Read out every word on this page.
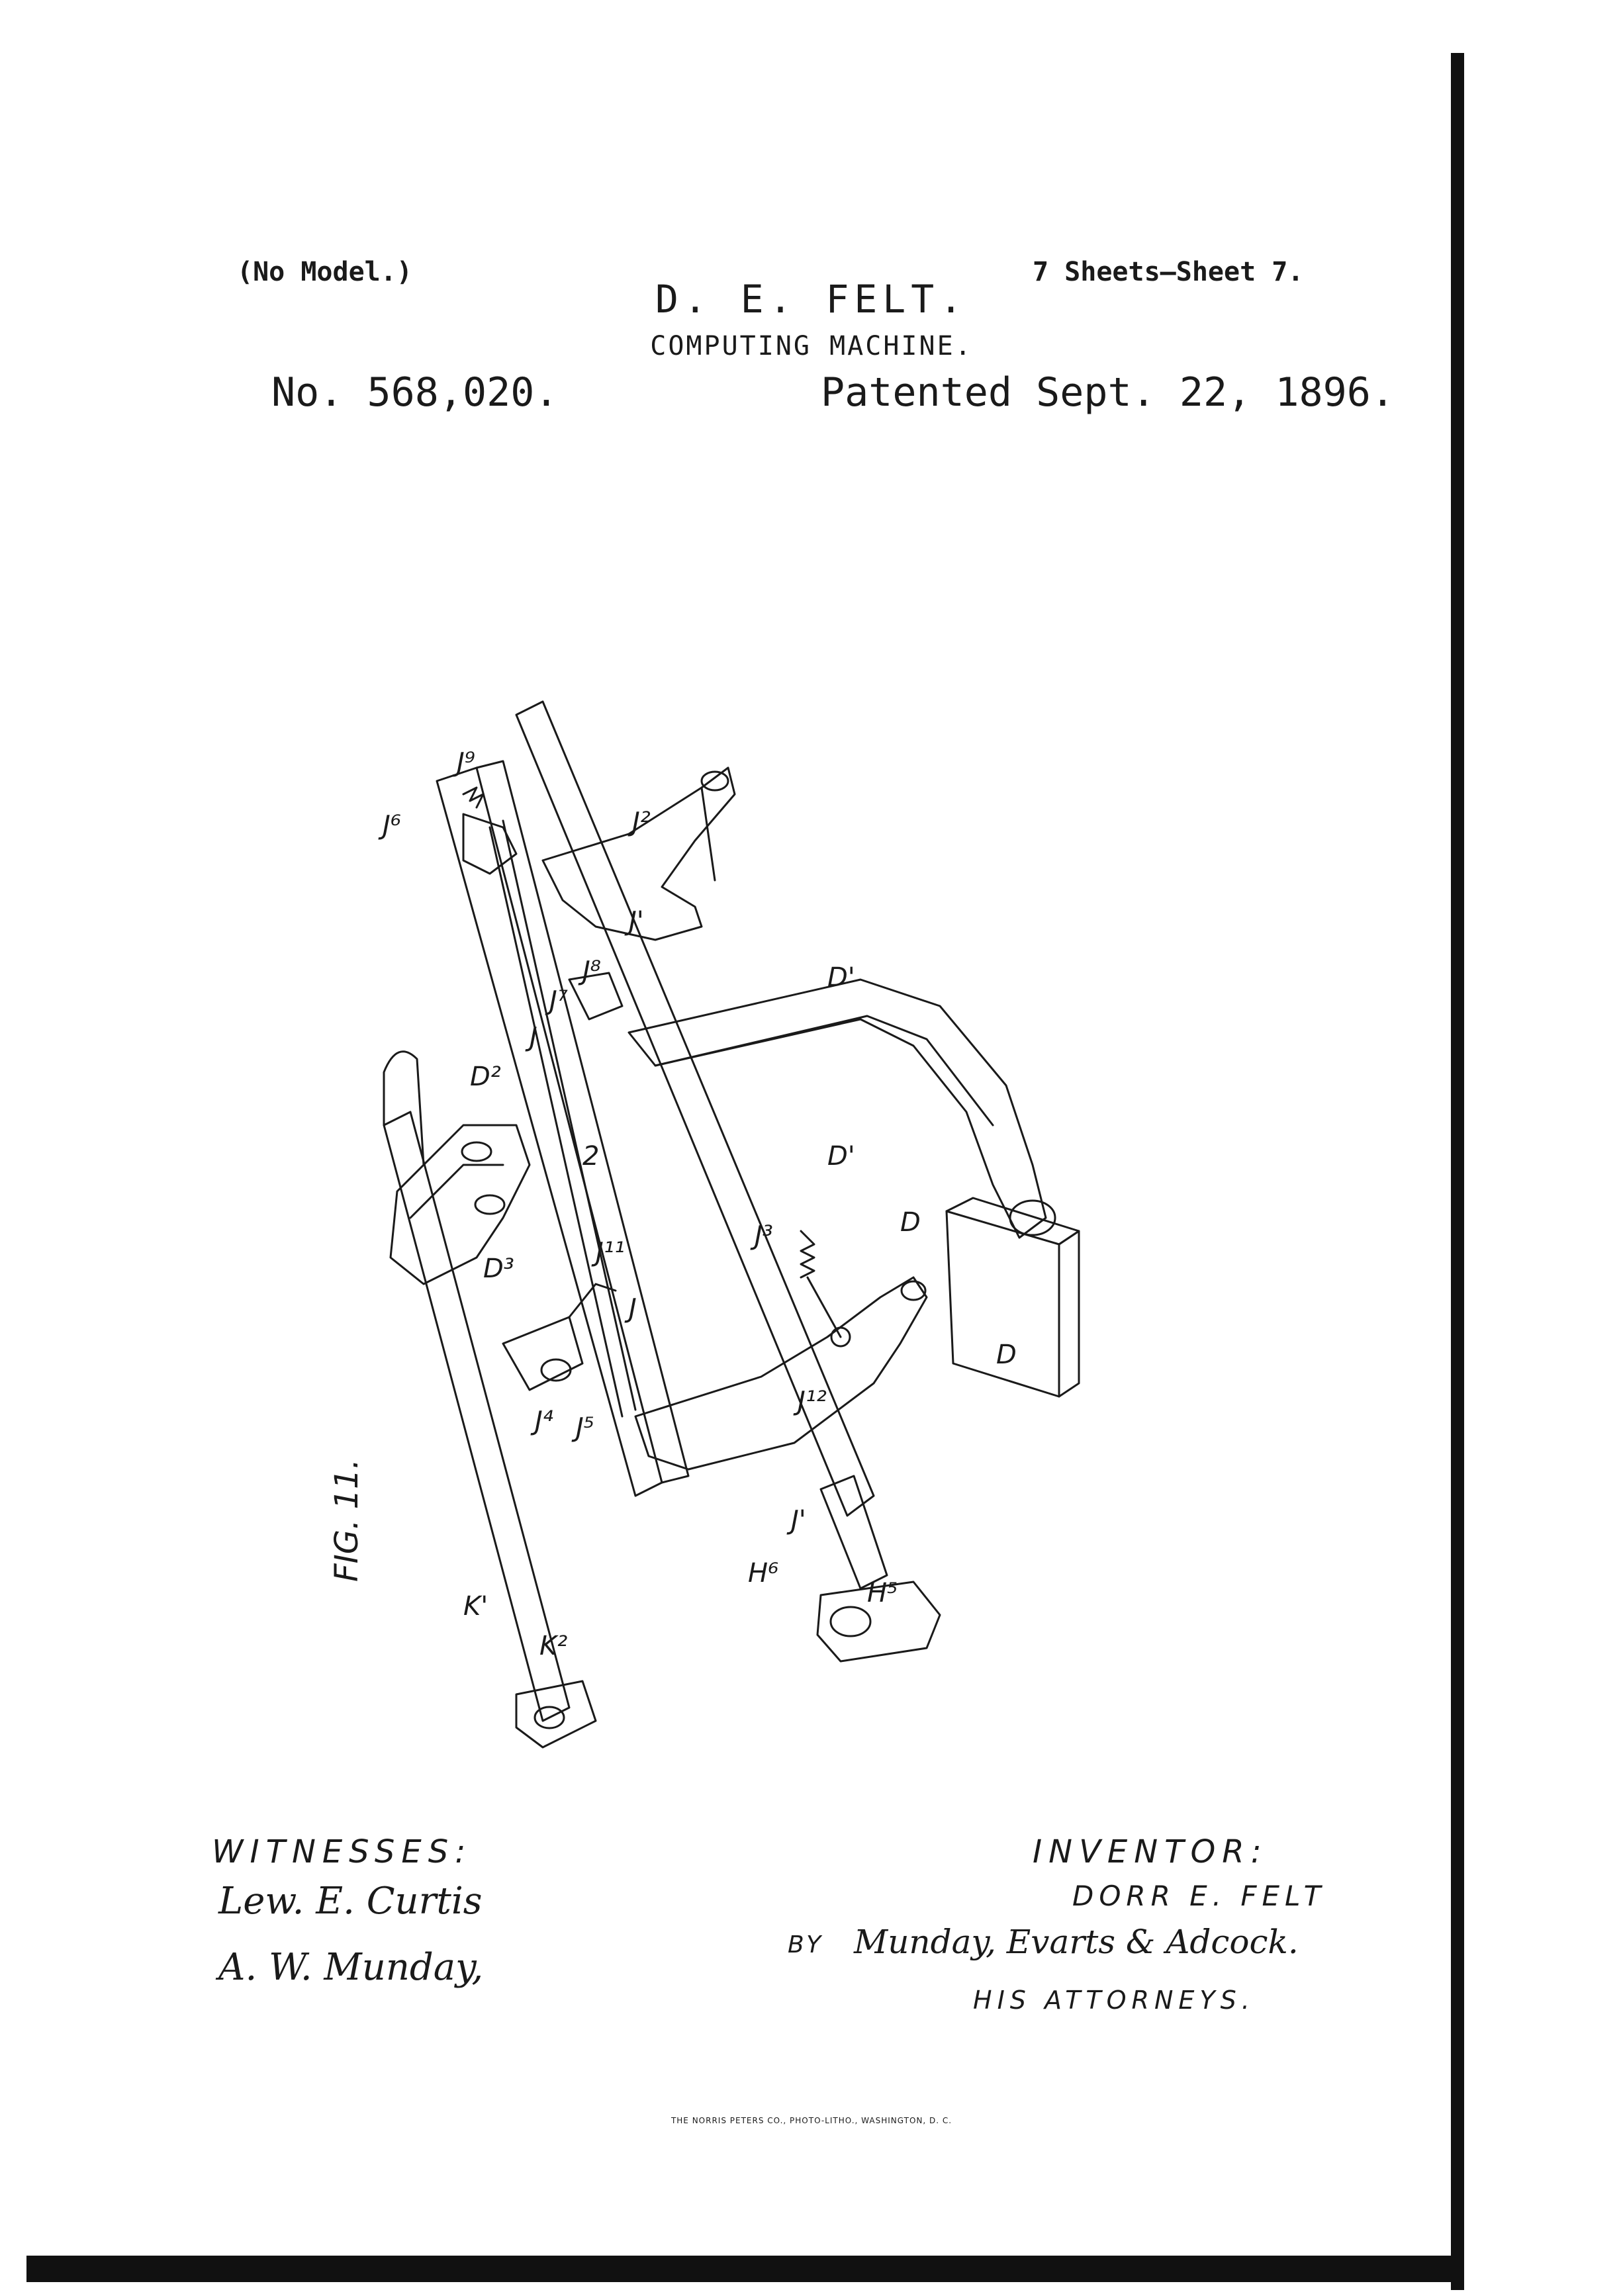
(No Model.)	7 Sheets—Sheet 7.
D. E. FELT.
COMPUTING MACHINE.
No. 568,020.	Patented Sept. 22, 1896.
J⁹
J⁶	J²
J'
J⁸
J⁷
D'
D²
J
2	D'
D
J³
D³
J¹¹
J
D
J⁴ J⁵
J¹²
J'
H⁶
H⁵
K'
K²
FIG. 11.
WITNESSES:
Lew. E. Curtis
A. W. Munday,
INVENTOR:
DORR E. FELT
BY Munday, Evarts & Adcock.
HIS ATTORNEYS.
THE NORRIS PETERS CO., PHOTO-LITHO., WASHINGTON, D. C.
